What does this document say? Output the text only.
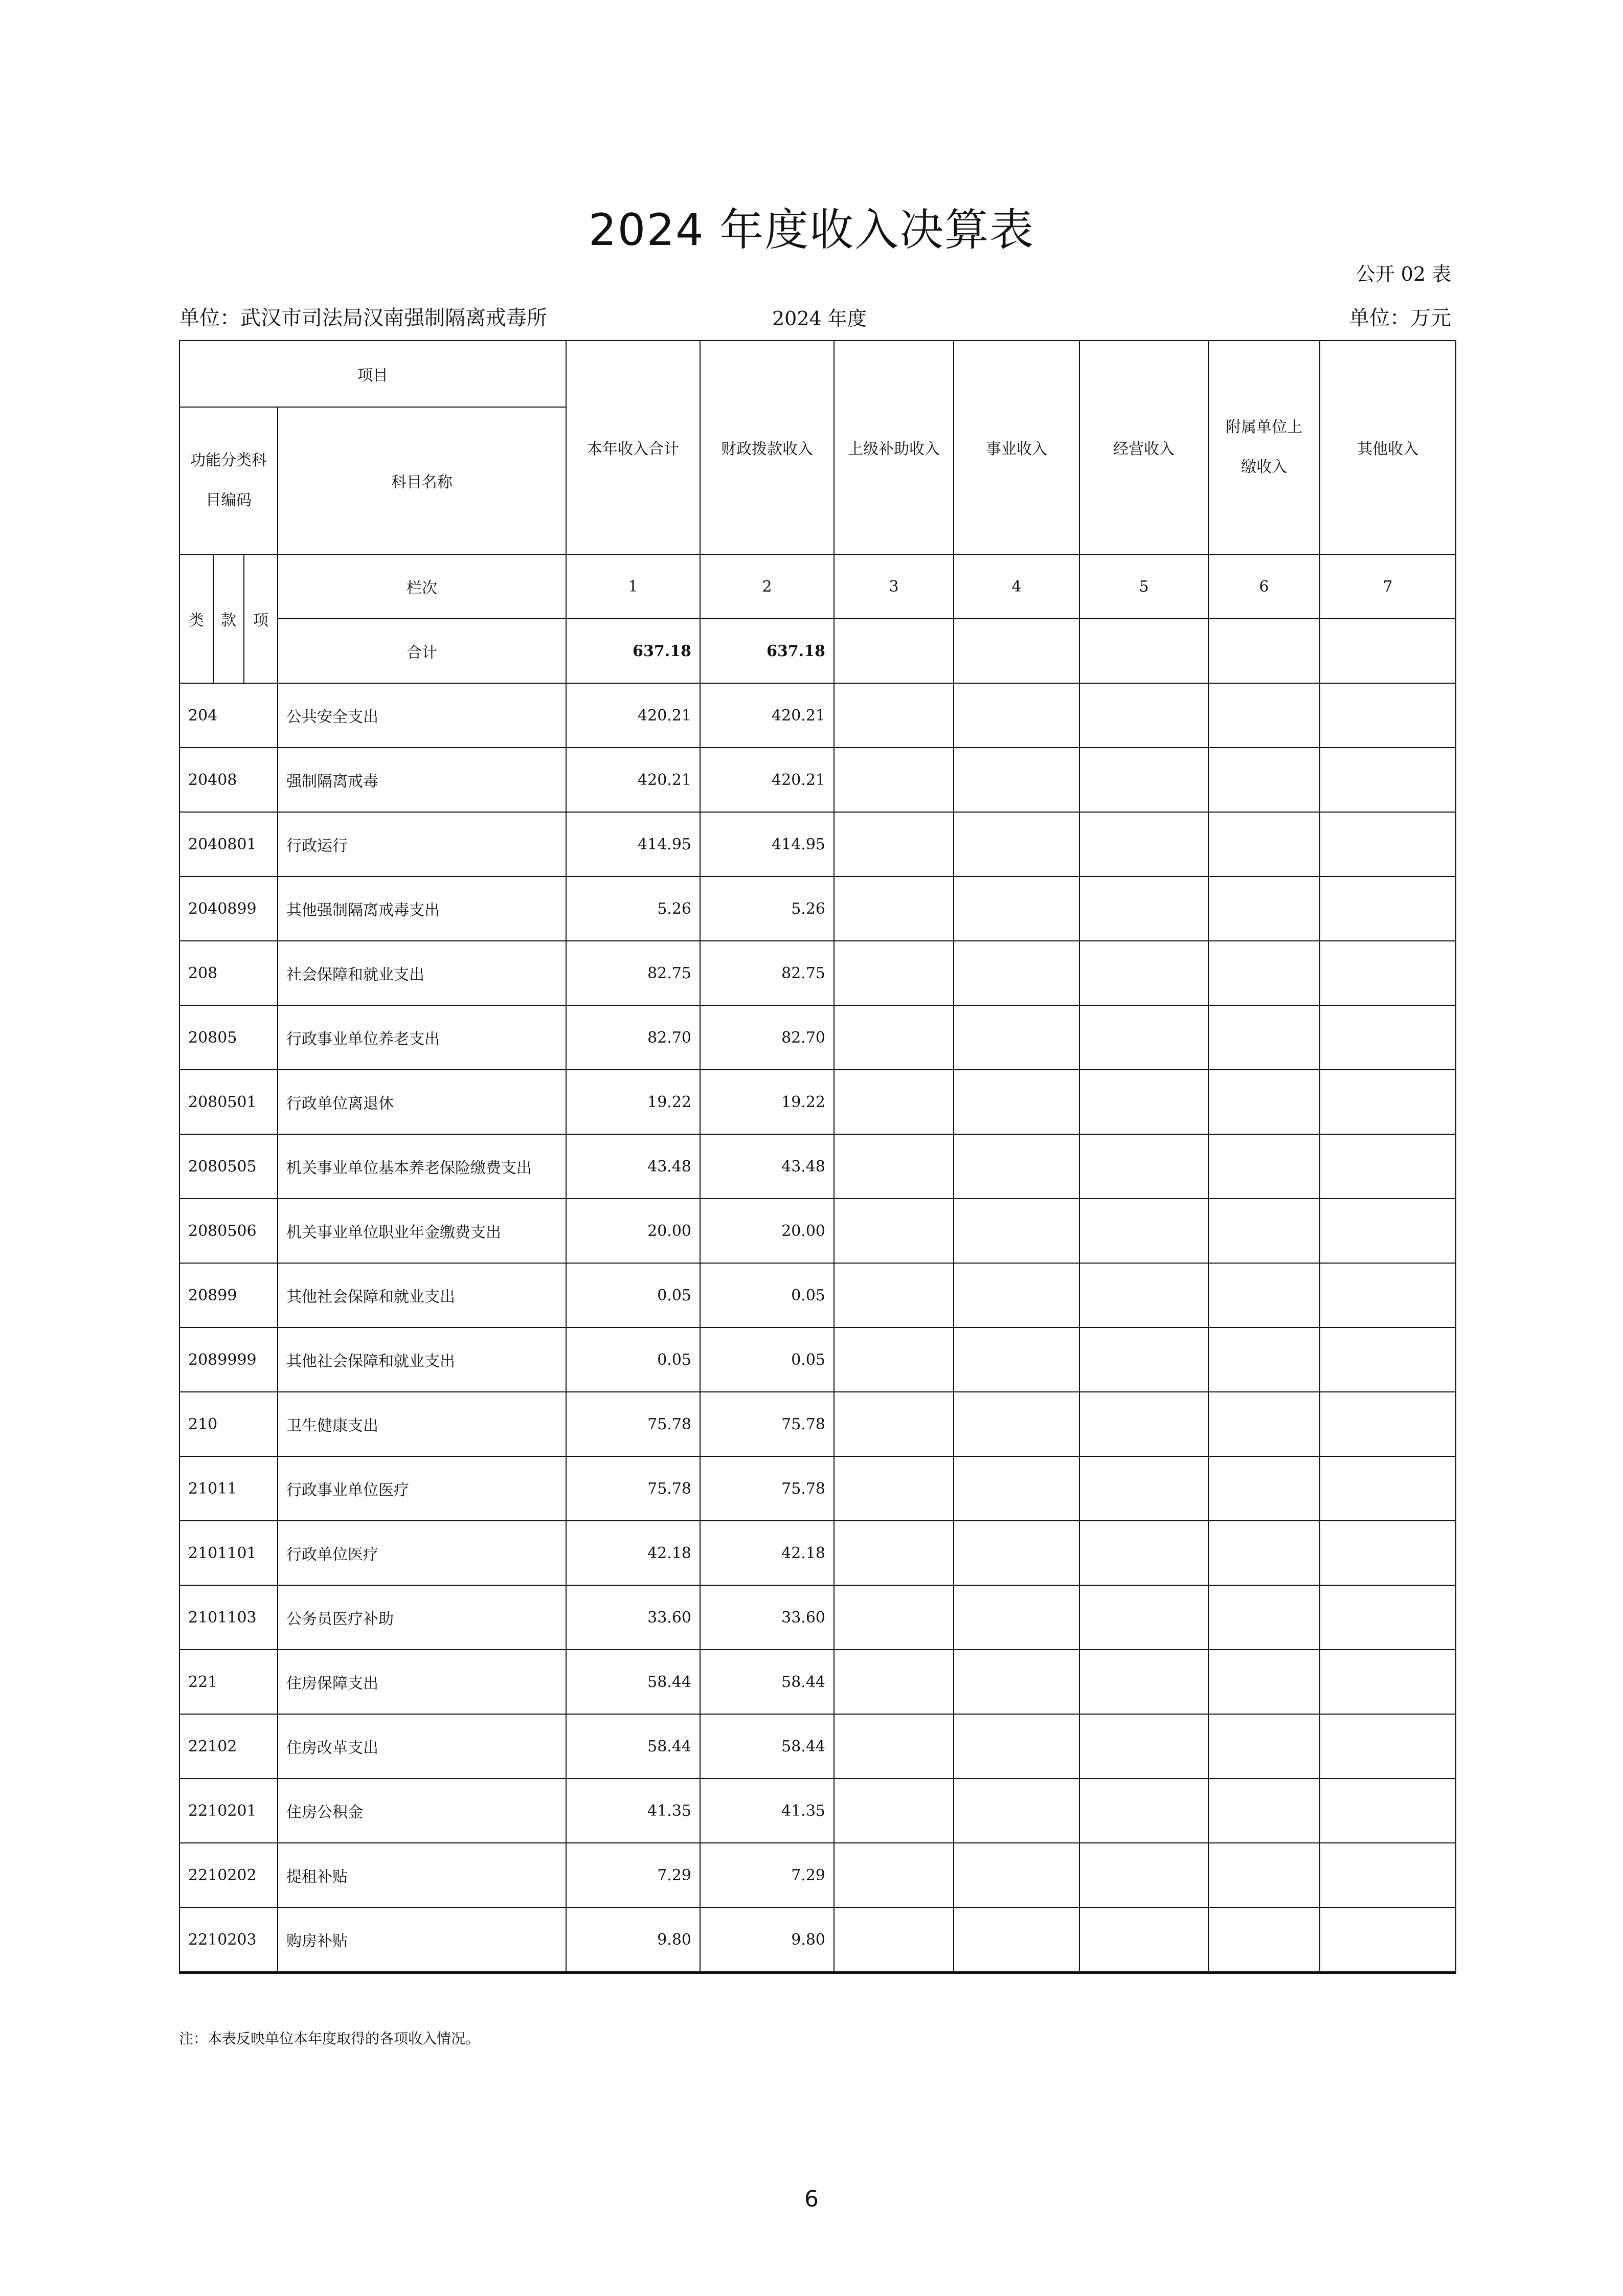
2024 年度收入决算表
公开 02 表
单位：武汉市司法局汉南强制隔离戒毒所	2024 年度	单位：万元
项目				本年收入合计	财政拨款收入	上级补助收入	事业收入	经营收入	附属单位上缴收入	其他收入
功能分类科目编码			科目名称							
类	款	项	栏次	1	2	3	4	5	6	7
			合计	637.18	637.18					
204			公共安全支出	420.21	420.21					
20408			强制隔离戒毒	420.21	420.21					
2040801			行政运行	414.95	414.95					
2040899			其他强制隔离戒毒支出	5.26	5.26					
208			社会保障和就业支出	82.75	82.75					
20805			行政事业单位养老支出	82.70	82.70					
2080501			行政单位离退休	19.22	19.22					
2080505			机关事业单位基本养老保险缴费支出	43.48	43.48					
2080506			机关事业单位职业年金缴费支出	20.00	20.00					
20899			其他社会保障和就业支出	0.05	0.05					
2089999			其他社会保障和就业支出	0.05	0.05					
210			卫生健康支出	75.78	75.78					
21011			行政事业单位医疗	75.78	75.78					
2101101			行政单位医疗	42.18	42.18					
2101103			公务员医疗补助	33.60	33.60					
221			住房保障支出	58.44	58.44					
22102			住房改革支出	58.44	58.44					
2210201			住房公积金	41.35	41.35					
2210202			提租补贴	7.29	7.29					
2210203			购房补贴	9.80	9.80					
注：本表反映单位本年度取得的各项收入情况。
6
